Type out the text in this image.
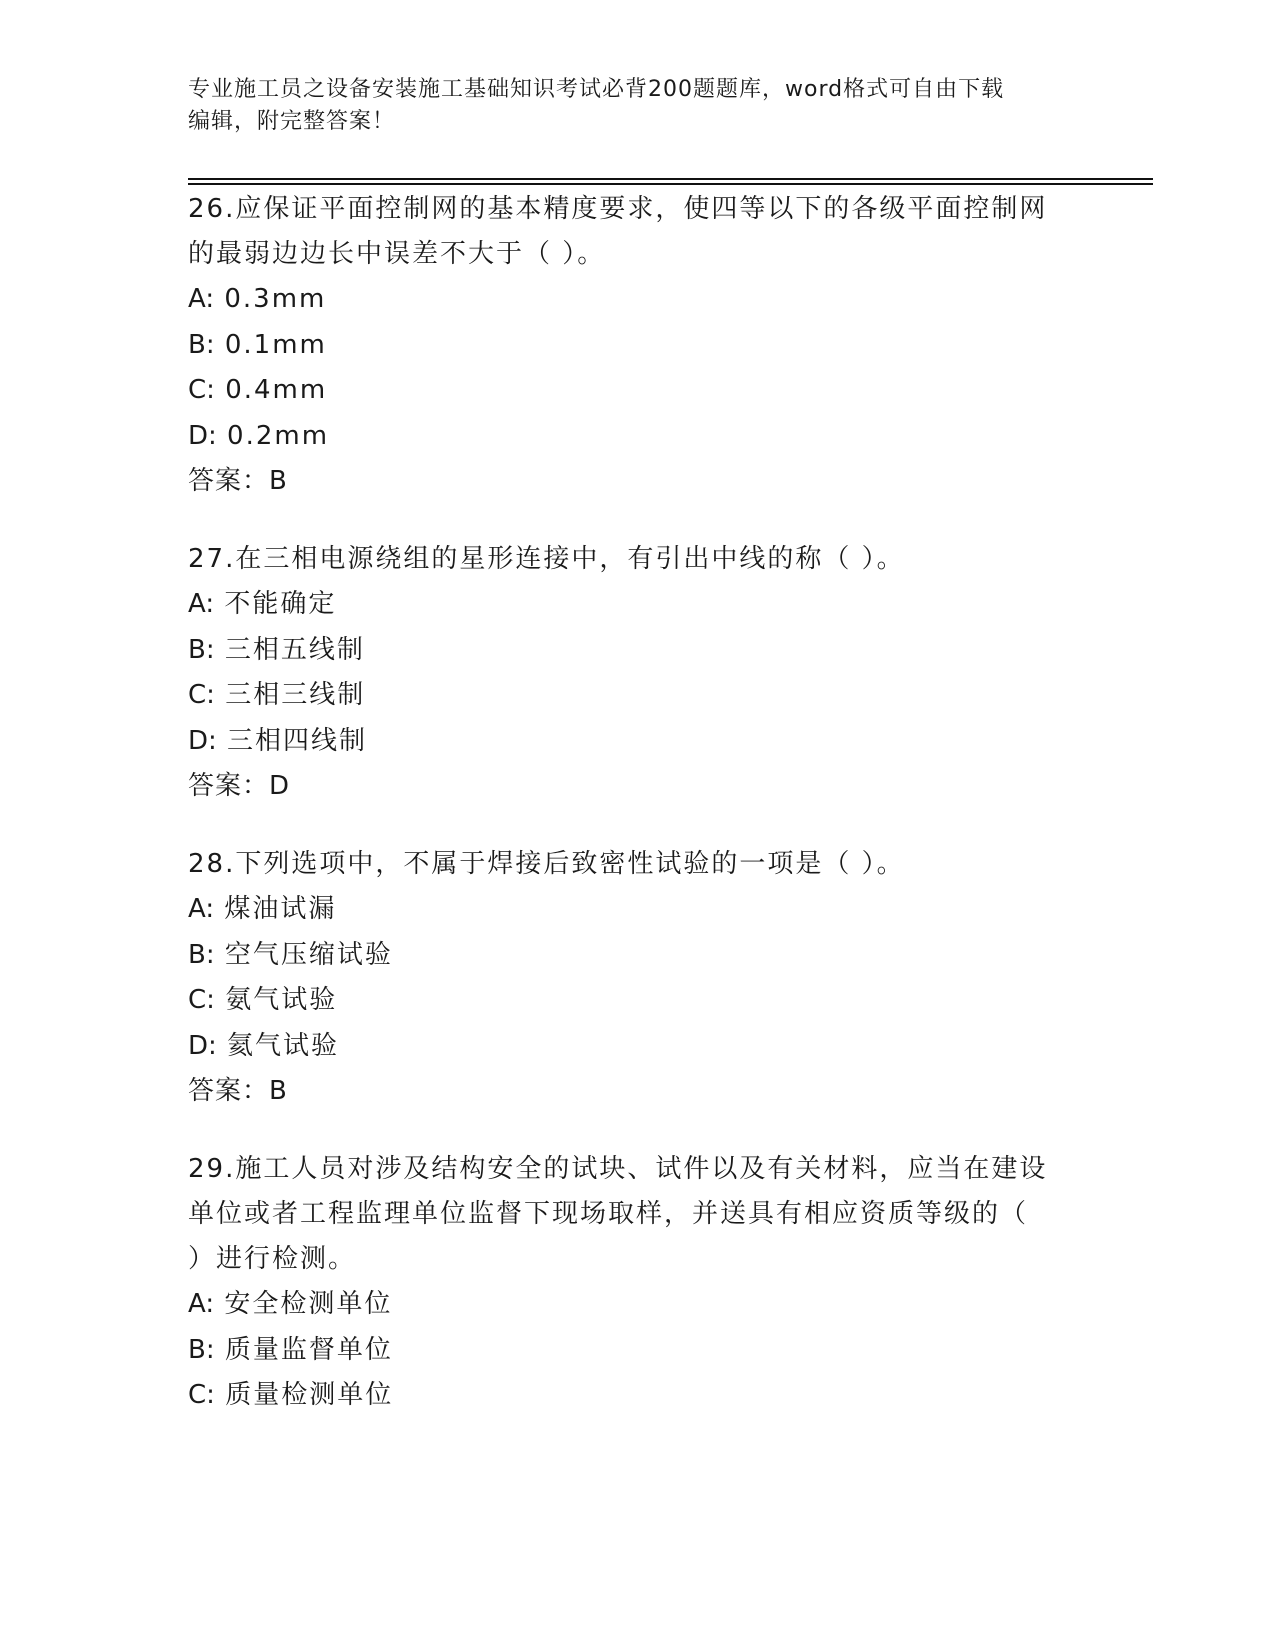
专业施工员之设备安装施工基础知识考试必背200题题库，word格式可自由下载
编辑，附完整答案！
26.应保证平面控制网的基本精度要求，使四等以下的各级平面控制网
的最弱边边长中误差不大于（ ）。
A: 0.3mm
B: 0.1mm
C: 0.4mm
D: 0.2mm
答案：B
27.在三相电源绕组的星形连接中，有引出中线的称（ ）。
A: 不能确定
B: 三相五线制
C: 三相三线制
D: 三相四线制
答案：D
28.下列选项中，不属于焊接后致密性试验的一项是（ ）。
A: 煤油试漏
B: 空气压缩试验
C: 氨气试验
D: 氦气试验
答案：B
29.施工人员对涉及结构安全的试块、试件以及有关材料，应当在建设
单位或者工程监理单位监督下现场取样，并送具有相应资质等级的（
）进行检测。
A: 安全检测单位
B: 质量监督单位
C: 质量检测单位
